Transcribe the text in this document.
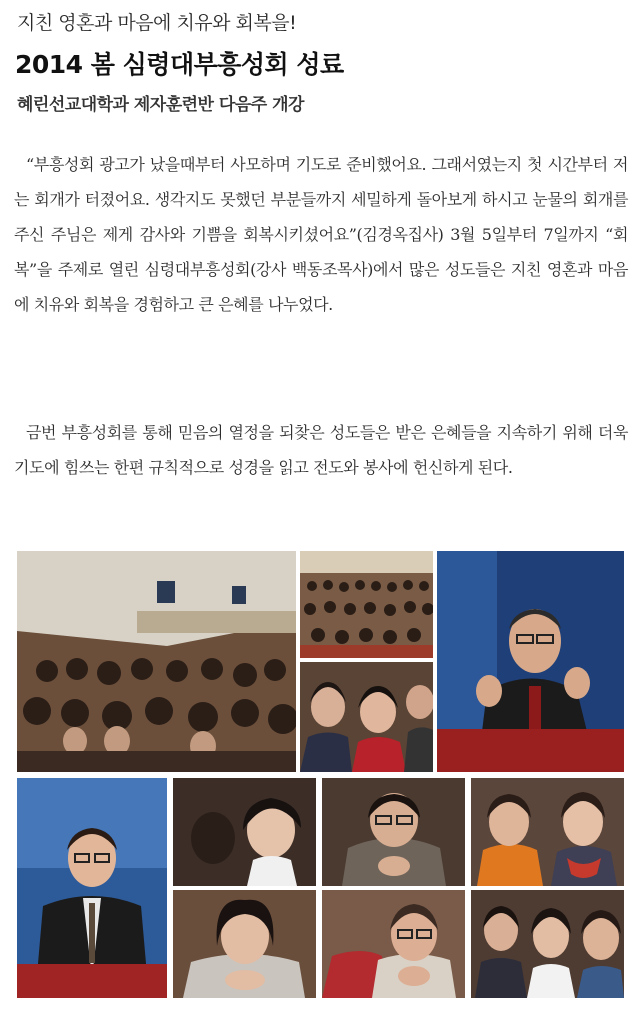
지친 영혼과 마음에 치유와 회복을!
2014 봄 심령대부흥성회 성료
혜린선교대학과 제자훈련반 다음주 개강

“부흥성회 광고가 났을때부터 사모하며 기도로 준비했어요. 그래서였는지 첫 시간부터 저는 회개가 터졌어요. 생각지도 못했던 부분들까지 세밀하게 돌아보게 하시고 눈물의 회개를 주신 주님은 제게 감사와 기쁨을 회복시키셨어요”(김경옥집사) 3월 5일부터 7일까지 “회복”을 주제로 열린 심령대부흥성회(강사 백동조목사)에서 많은 성도들은 지친 영혼과 마음에 치유와 회복을 경험하고 큰 은혜를 나누었다.

금번 부흥성회를 통해 믿음의 열정을 되찾은 성도들은 받은 은혜들을 지속하기 위해 더욱 기도에 힘쓰는 한편 규칙적으로 성경을 읽고 전도와 봉사에 헌신하게 된다.
